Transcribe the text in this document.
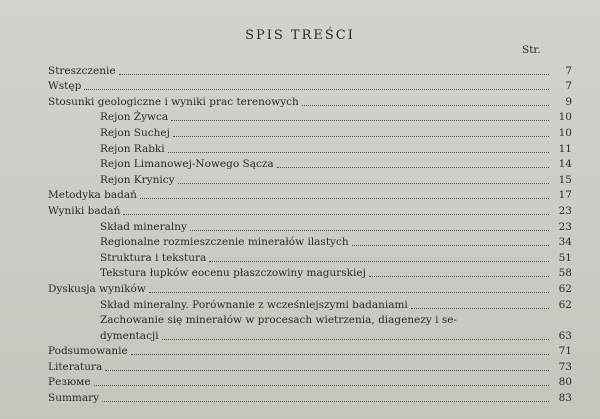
SPIS TREŚCI
Str.
Streszczenie	7
Wstęp	7
Stosunki geologiczne i wyniki prac terenowych	9
Rejon Żywca	10
Rejon Suchej	10
Rejon Rabki	11
Rejon Limanowej-Nowego Sącza	14
Rejon Krynicy	15
Metodyka badań	17
Wyniki badań	23
Skład mineralny	23
Regionalne rozmieszczenie minerałów ilastych	34
Struktura i tekstura	51
Tekstura łupków eocenu płaszczowiny magurskiej	58
Dyskusja wyników	62
Skład mineralny. Porównanie z wcześniejszymi badaniami	62
Zachowanie się minerałów w procesach wietrzenia, diagenezy i se-
dymentacji	63
Podsumowanie	71
Literatura	73
Резюме	80
Summary	83
